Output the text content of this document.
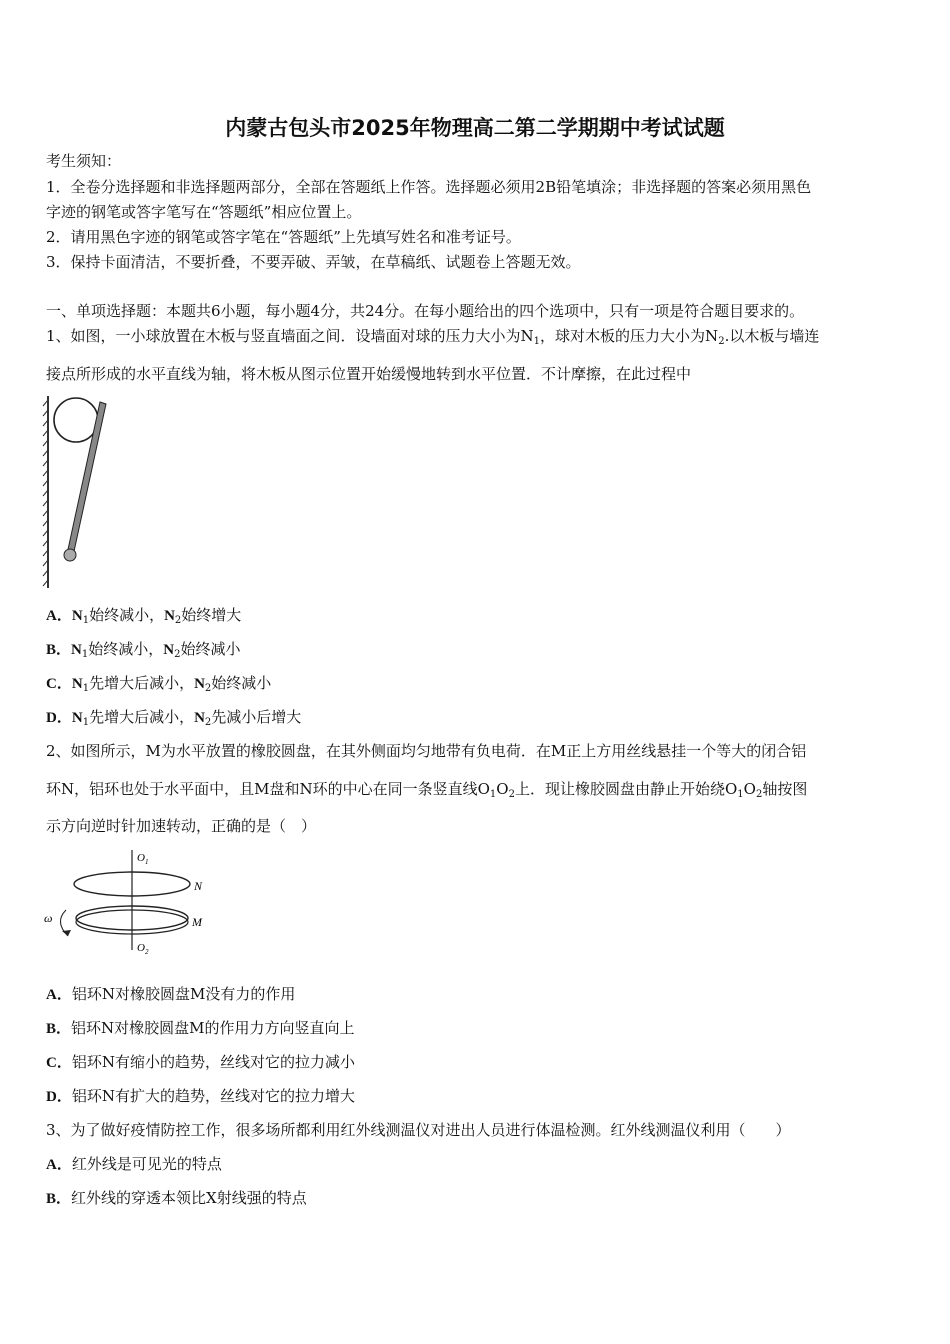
内蒙古包头市2025年物理高二第二学期期中考试试题
考生须知：
1．全卷分选择题和非选择题两部分，全部在答题纸上作答。选择题必须用2B铅笔填涂；非选择题的答案必须用黑色
字迹的钢笔或答字笔写在“答题纸”相应位置上。
2．请用黑色字迹的钢笔或答字笔在“答题纸”上先填写姓名和准考证号。
3．保持卡面清洁，不要折叠，不要弄破、弄皱，在草稿纸、试题卷上答题无效。
一、单项选择题：本题共6小题，每小题4分，共24分。在每小题给出的四个选项中，只有一项是符合题目要求的。
1、如图，一小球放置在木板与竖直墙面之间．设墙面对球的压力大小为$N_1$，球对木板的压力大小为$N_2$.以木板与墙连
接点所形成的水平直线为轴，将木板从图示位置开始缓慢地转到水平位置．不计摩擦，在此过程中
A．$N_1$始终减小，$N_2$始终增大
B．$N_1$始终减小，$N_2$始终减小
C．$N_1$先增大后减小，$N_2$始终减小
D．$N_1$先增大后减小，$N_2$先减小后增大
2、如图所示，M为水平放置的橡胶圆盘，在其外侧面均匀地带有负电荷．在M正上方用丝线悬挂一个等大的闭合铝
环N，铝环也处于水平面中，且M盘和N环的中心在同一条竖直线$O_1O_2$上．现让橡胶圆盘由静止开始绕$O_1O_2$轴按图
示方向逆时针加速转动，正确的是（　）
$O_1$
N
M
ω
$O_2$
A．铝环N对橡胶圆盘M没有力的作用
B．铝环N对橡胶圆盘M的作用力方向竖直向上
C．铝环N有缩小的趋势，丝线对它的拉力减小
D．铝环N有扩大的趋势，丝线对它的拉力增大
3、为了做好疫情防控工作，很多场所都利用红外线测温仪对进出人员进行体温检测。红外线测温仪利用（　　）
A．红外线是可见光的特点
B．红外线的穿透本领比X射线强的特点
